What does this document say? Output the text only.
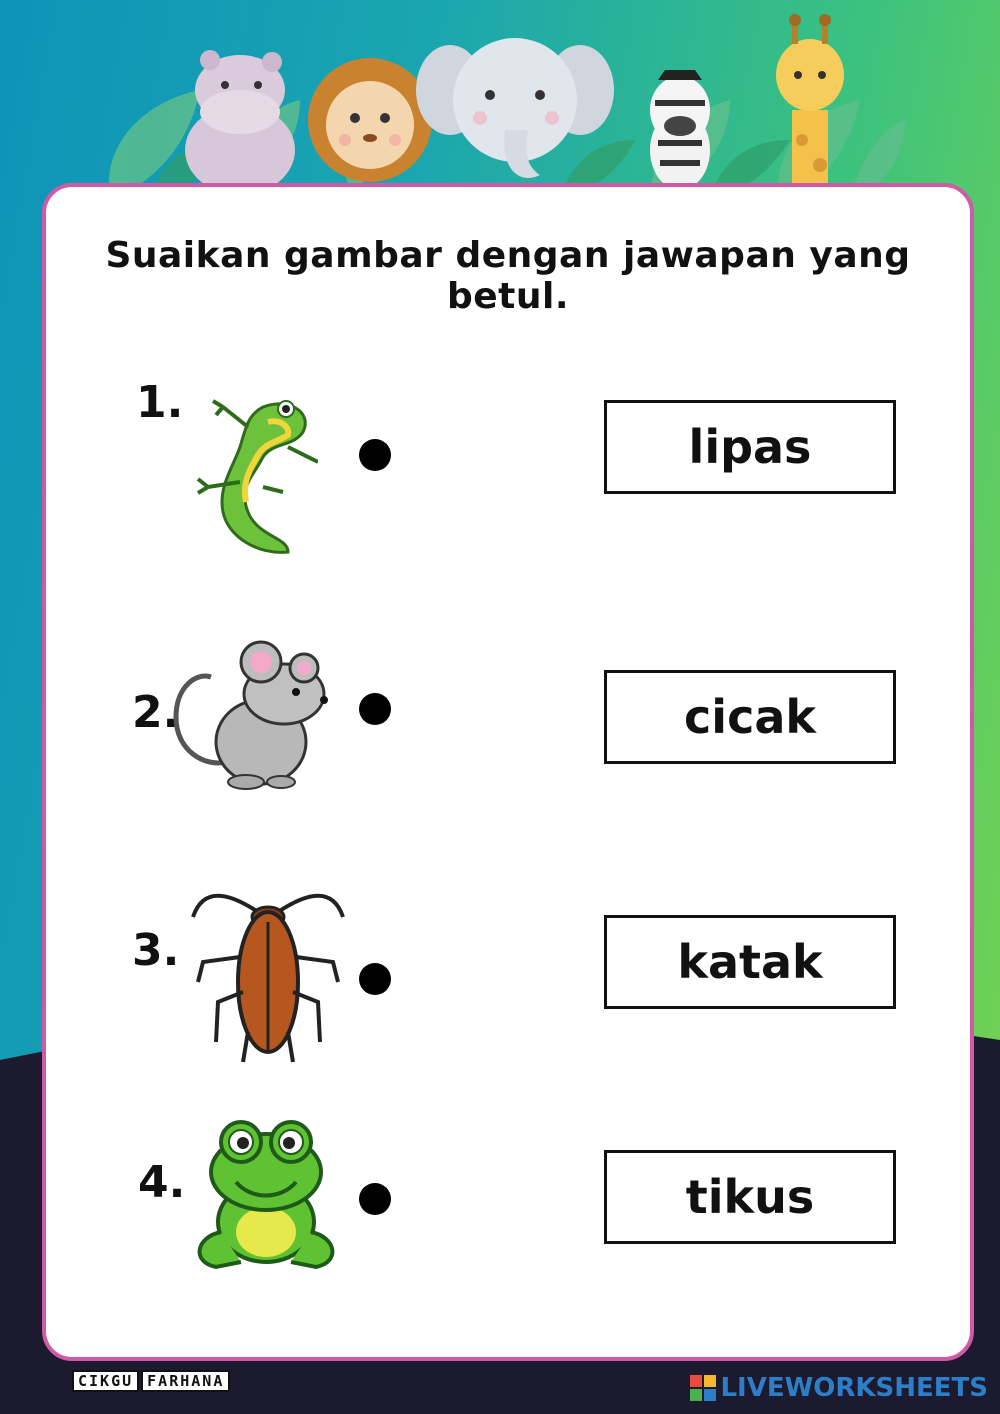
Suaikan gambar dengan jawapan yang betul.
1.
2.
3.
4.
lipas
cicak
katak
tikus
CIKGU FARHANA	LIVEWORKSHEETS
